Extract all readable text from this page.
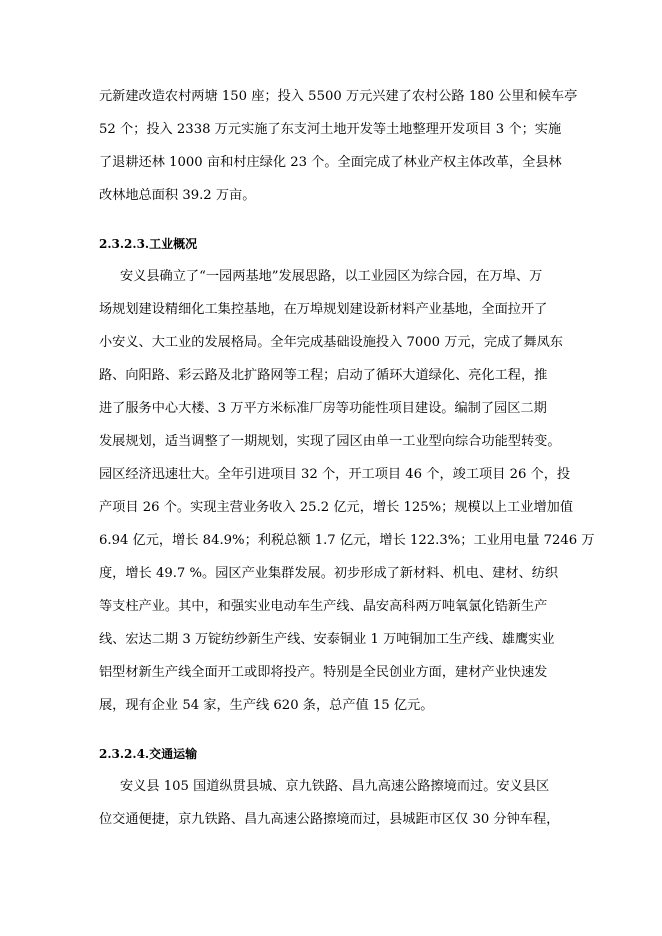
元新建改造农村两塘 150 座；投入 5500 万元兴建了农村公路 180 公里和候车亭
52 个；投入 2338 万元实施了东支河土地开发等土地整理开发项目 3 个；实施
了退耕还林 1000 亩和村庄绿化 23 个。全面完成了林业产权主体改革，全县林
改林地总面积 39.2 万亩。
2.3.2.3.工业概况
安义县确立了“一园两基地”发展思路，以工业园区为综合园，在万埠、万
场规划建设精细化工集控基地，在万埠规划建设新材料产业基地，全面拉开了
小安义、大工业的发展格局。全年完成基础设施投入 7000 万元，完成了舞凤东
路、向阳路、彩云路及北扩路网等工程；启动了循环大道绿化、亮化工程，推
进了服务中心大楼、3 万平方米标准厂房等功能性项目建设。编制了园区二期
发展规划，适当调整了一期规划，实现了园区由单一工业型向综合功能型转变。
园区经济迅速壮大。全年引进项目 32 个，开工项目 46 个，竣工项目 26 个，投
产项目 26 个。实现主营业务收入 25.2 亿元，增长 125%；规模以上工业增加值
6.94 亿元，增长 84.9%；利税总额 1.7 亿元，增长 122.3%；工业用电量 7246 万
度，增长 49.7 %。园区产业集群发展。初步形成了新材料、机电、建材、纺织
等支柱产业。其中，和强实业电动车生产线、晶安高科两万吨氧氯化锆新生产
线、宏达二期 3 万锭纺纱新生产线、安泰铜业 1 万吨铜加工生产线、雄鹰实业
铝型材新生产线全面开工或即将投产。特别是全民创业方面，建材产业快速发
展，现有企业 54 家，生产线 620 条，总产值 15 亿元。
2.3.2.4.交通运输
安义县 105 国道纵贯县城、京九铁路、昌九高速公路擦境而过。安义县区
位交通便捷，京九铁路、昌九高速公路擦境而过，县城距市区仅 30 分钟车程，
